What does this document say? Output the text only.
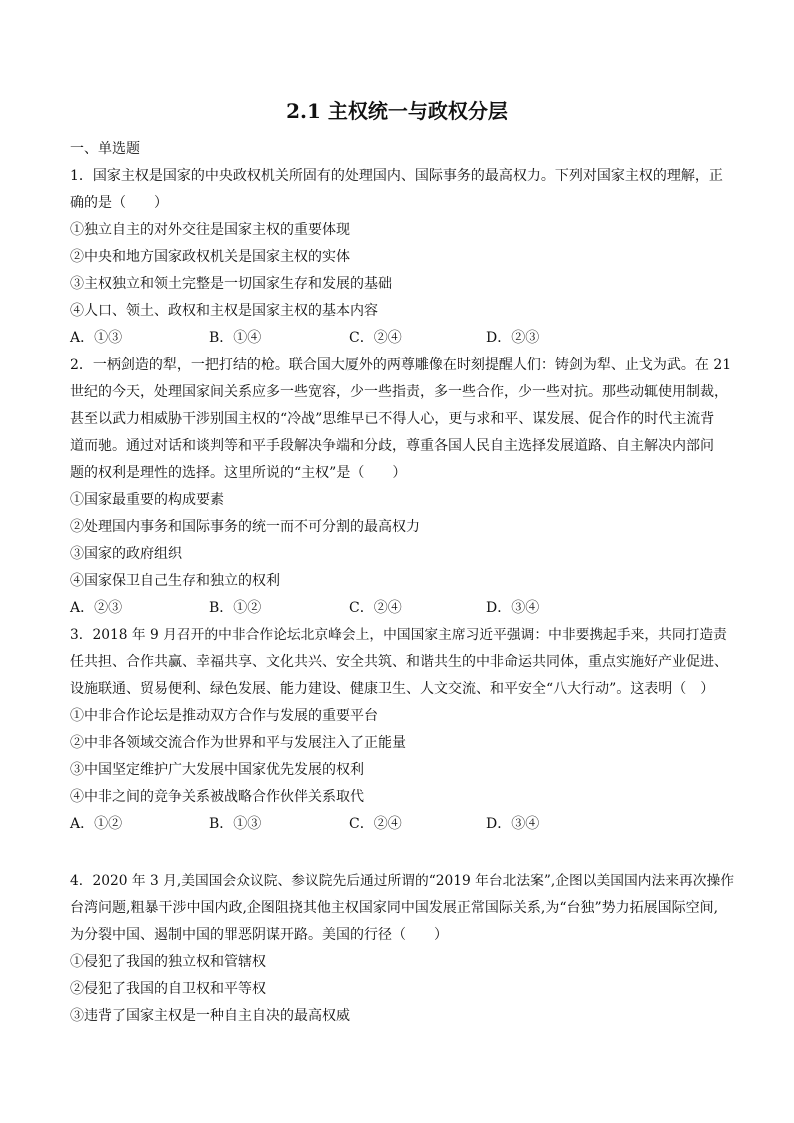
2.1 主权统一与政权分层
一、单选题
1．国家主权是国家的中央政权机关所固有的处理国内、国际事务的最高权力。下列对国家主权的理解，正
确的是（　　）
①独立自主的对外交往是国家主权的重要体现
②中央和地方国家政权机关是国家主权的实体
③主权独立和领土完整是一切国家生存和发展的基础
④人口、领土、政权和主权是国家主权的基本内容
A．①③	B．①④	C．②④	D．②③
2．一柄剑造的犁，一把打结的枪。联合国大厦外的两尊雕像在时刻提醒人们：铸剑为犁、止戈为武。在 21
世纪的今天，处理国家间关系应多一些宽容，少一些指责，多一些合作，少一些对抗。那些动辄使用制裁，
甚至以武力相威胁干涉别国主权的“冷战”思维早已不得人心，更与求和平、谋发展、促合作的时代主流背
道而驰。通过对话和谈判等和平手段解决争端和分歧，尊重各国人民自主选择发展道路、自主解决内部问
题的权利是理性的选择。这里所说的“主权”是（　　）
①国家最重要的构成要素
②处理国内事务和国际事务的统一而不可分割的最高权力
③国家的政府组织
④国家保卫自己生存和独立的权利
A．②③	B．①②	C．②④	D．③④
3．2018 年 9 月召开的中非合作论坛北京峰会上，中国国家主席习近平强调：中非要携起手来，共同打造责
任共担、合作共赢、幸福共享、文化共兴、安全共筑、和谐共生的中非命运共同体，重点实施好产业促进、
设施联通、贸易便利、绿色发展、能力建设、健康卫生、人文交流、和平安全“八大行动”。这表明（　）
①中非合作论坛是推动双方合作与发展的重要平台
②中非各领域交流合作为世界和平与发展注入了正能量
③中国坚定维护广大发展中国家优先发展的权利
④中非之间的竞争关系被战略合作伙伴关系取代
A．①②	B．①③	C．②④	D．③④
4．2020 年 3 月,美国国会众议院、参议院先后通过所谓的“2019 年台北法案”,企图以美国国内法来再次操作
台湾问题,粗暴干涉中国内政,企图阻挠其他主权国家同中国发展正常国际关系,为“台独”势力拓展国际空间,
为分裂中国、遏制中国的罪恶阴谋开路。美国的行径（　　）
①侵犯了我国的独立权和管辖权
②侵犯了我国的自卫权和平等权
③违背了国家主权是一种自主自决的最高权威
